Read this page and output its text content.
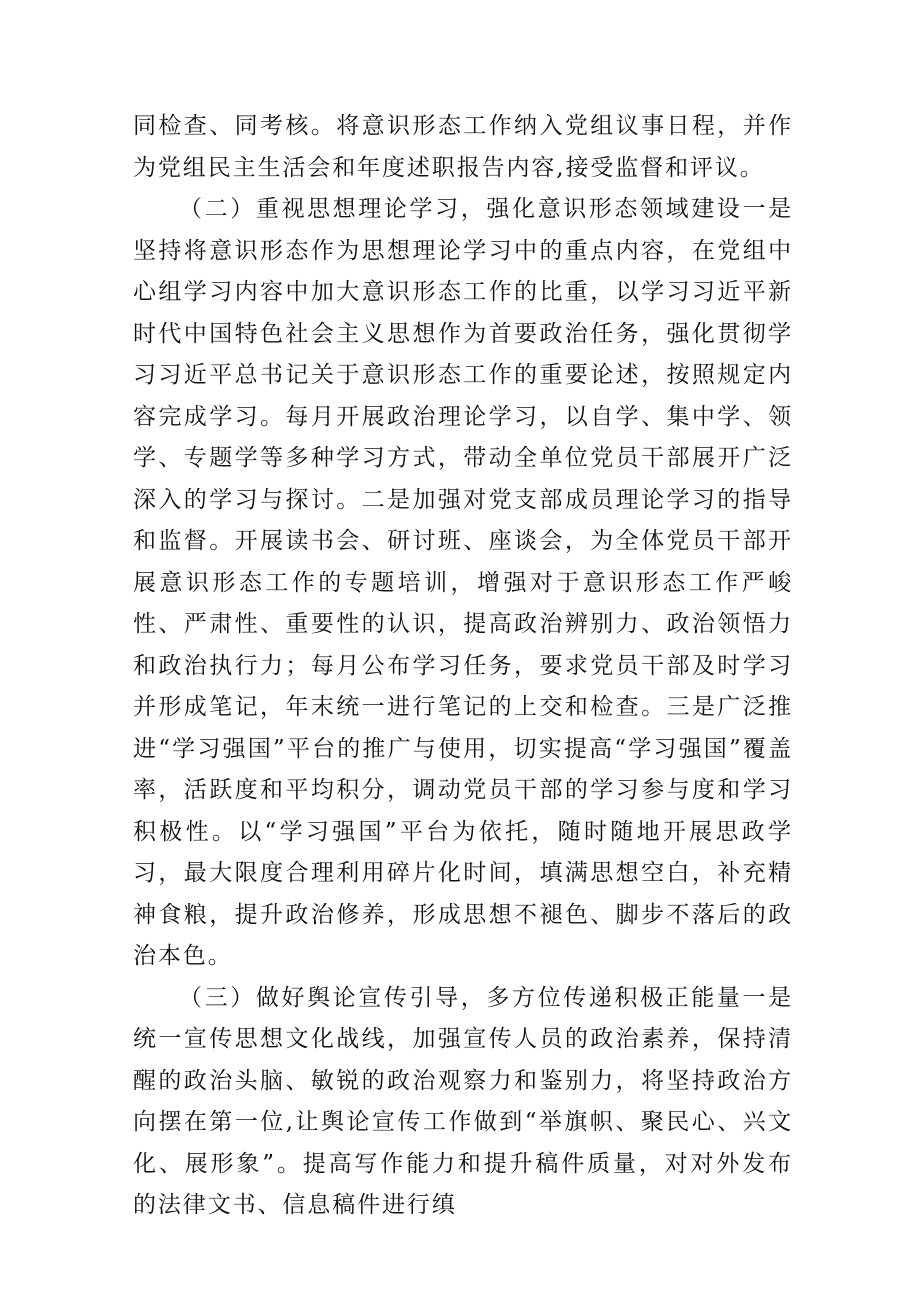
同检查、同考核。将意识形态工作纳入党组议事日程，并作为党组民主生活会和年度述职报告内容,接受监督和评议。

（二）重视思想理论学习，强化意识形态领域建设一是坚持将意识形态作为思想理论学习中的重点内容，在党组中心组学习内容中加大意识形态工作的比重，以学习习近平新时代中国特色社会主义思想作为首要政治任务，强化贯彻学习习近平总书记关于意识形态工作的重要论述，按照规定内容完成学习。每月开展政治理论学习，以自学、集中学、领学、专题学等多种学习方式，带动全单位党员干部展开广泛深入的学习与探讨。二是加强对党支部成员理论学习的指导和监督。开展读书会、研讨班、座谈会，为全体党员干部开展意识形态工作的专题培训，增强对于意识形态工作严峻性、严肃性、重要性的认识，提高政治辨别力、政治领悟力和政治执行力；每月公布学习任务，要求党员干部及时学习并形成笔记，年末统一进行笔记的上交和检查。三是广泛推进“学习强国”平台的推广与使用，切实提高“学习强国”覆盖率，活跃度和平均积分，调动党员干部的学习参与度和学习积极性。以“学习强国”平台为依托，随时随地开展思政学习，最大限度合理利用碎片化时间，填满思想空白，补充精神食粮，提升政治修养，形成思想不褪色、脚步不落后的政治本色。

（三）做好舆论宣传引导，多方位传递积极正能量一是统一宣传思想文化战线，加强宣传人员的政治素养，保持清醒的政治头脑、敏锐的政治观察力和鉴别力，将坚持政治方向摆在第一位,让舆论宣传工作做到“举旗帜、聚民心、兴文化、展形象”。提高写作能力和提升稿件质量，对对外发布的法律文书、信息稿件进行缜
